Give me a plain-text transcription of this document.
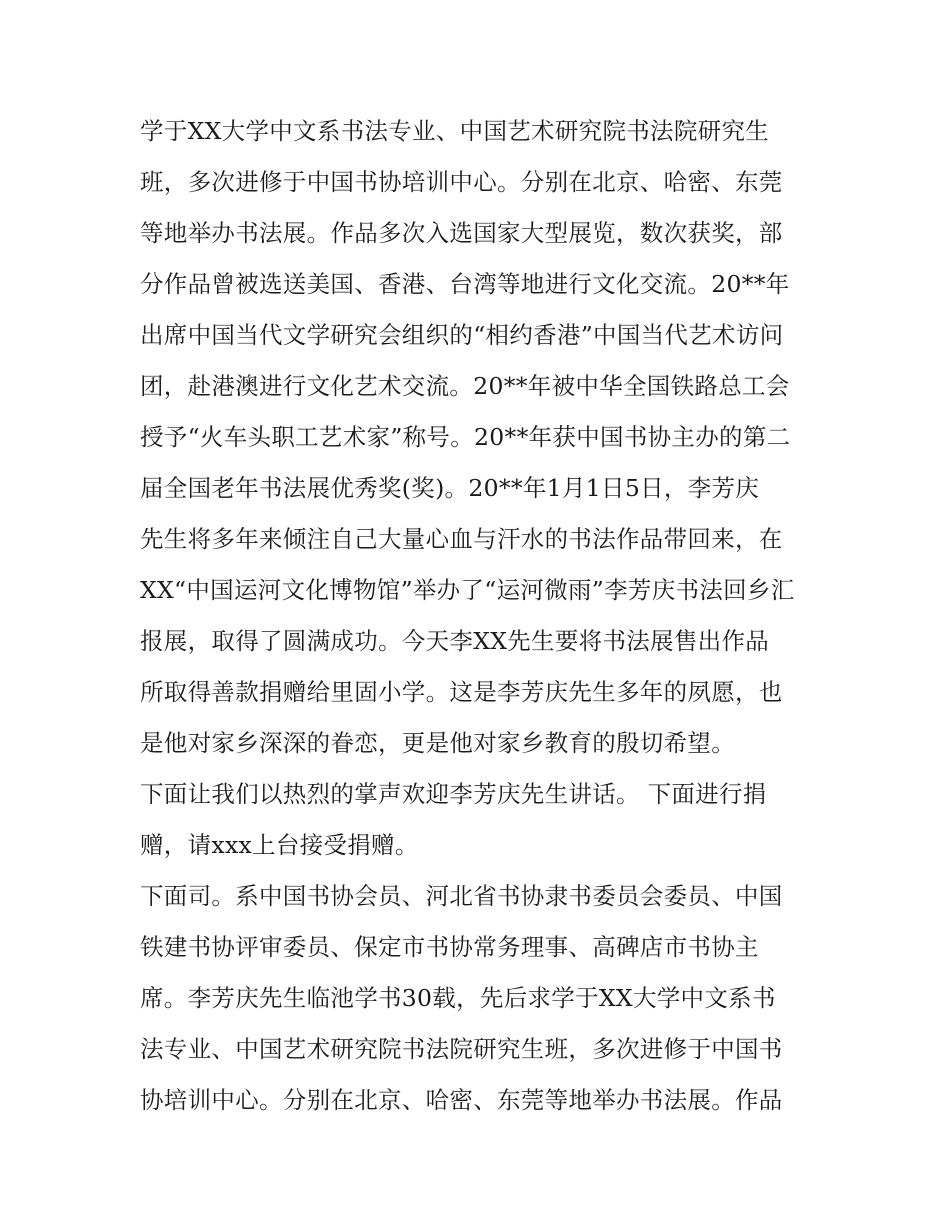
学于XX大学中文系书法专业、中国艺术研究院书法院研究生
班，多次进修于中国书协培训中心。分别在北京、哈密、东莞
等地举办书法展。作品多次入选国家大型展览，数次获奖，部
分作品曾被选送美国、香港、台湾等地进行文化交流。20**年
出席中国当代文学研究会组织的“相约香港”中国当代艺术访问
团，赴港澳进行文化艺术交流。20**年被中华全国铁路总工会
授予“火车头职工艺术家”称号。20**年获中国书协主办的第二
届全国老年书法展优秀奖(奖)。20**年1月1日5日，李芳庆
先生将多年来倾注自己大量心血与汗水的书法作品带回来，在
XX“中国运河文化博物馆”举办了“运河微雨”李芳庆书法回乡汇
报展，取得了圆满成功。今天李XX先生要将书法展售出作品
所取得善款捐赠给里固小学。这是李芳庆先生多年的夙愿，也
是他对家乡深深的眷恋，更是他对家乡教育的殷切希望。
下面让我们以热烈的掌声欢迎李芳庆先生讲话。 下面进行捐
赠，请xxx上台接受捐赠。
下面司。系中国书协会员、河北省书协隶书委员会委员、中国
铁建书协评审委员、保定市书协常务理事、高碑店市书协主
席。李芳庆先生临池学书30载，先后求学于XX大学中文系书
法专业、中国艺术研究院书法院研究生班，多次进修于中国书
协培训中心。分别在北京、哈密、东莞等地举办书法展。作品
